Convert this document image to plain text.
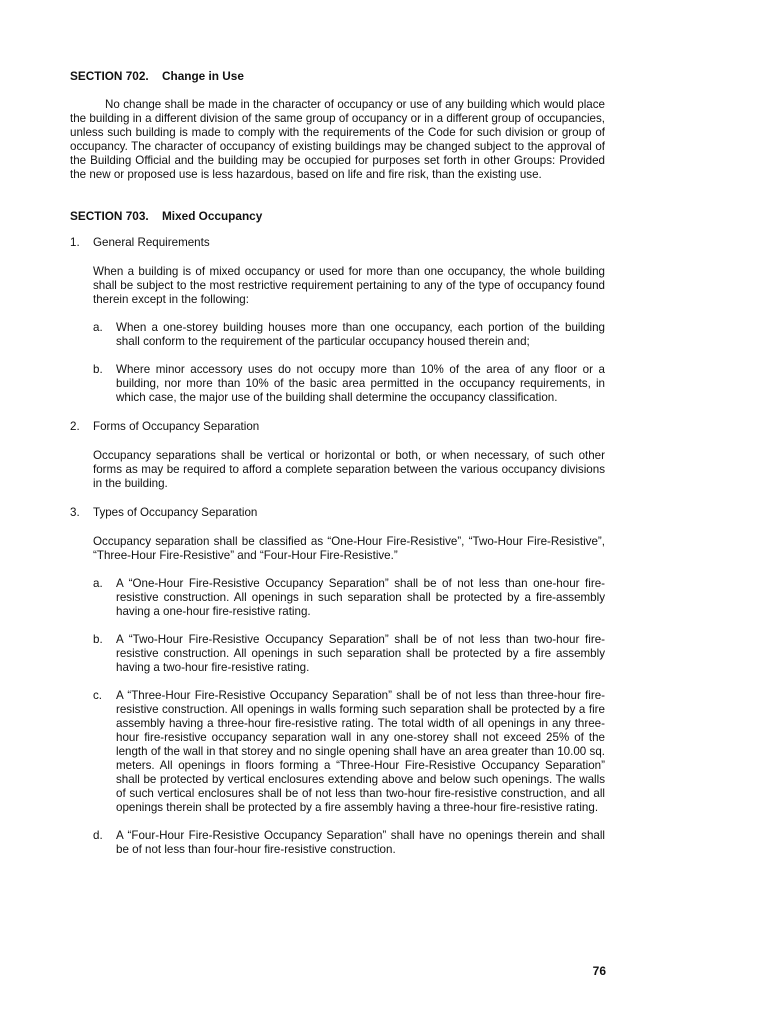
SECTION 702. Change in Use

No change shall be made in the character of occupancy or use of any building which would place the building in a different division of the same group of occupancy or in a different group of occupancies, unless such building is made to comply with the requirements of the Code for such division or group of occupancy. The character of occupancy of existing buildings may be changed subject to the approval of the Building Official and the building may be occupied for purposes set forth in other Groups: Provided the new or proposed use is less hazardous, based on life and fire risk, than the existing use.

SECTION 703. Mixed Occupancy
1.	General Requirements

When a building is of mixed occupancy or used for more than one occupancy, the whole building shall be subject to the most restrictive requirement pertaining to any of the type of occupancy found therein except in the following:

a.	When a one-storey building houses more than one occupancy, each portion of the building shall conform to the requirement of the particular occupancy housed therein and;
b.	Where minor accessory uses do not occupy more than 10% of the area of any floor or a building, nor more than 10% of the basic area permitted in the occupancy requirements, in which case, the major use of the building shall determine the occupancy classification.
2.	Forms of Occupancy Separation

Occupancy separations shall be vertical or horizontal or both, or when necessary, of such other forms as may be required to afford a complete separation between the various occupancy divisions in the building.

3.	Types of Occupancy Separation

Occupancy separation shall be classified as “One-Hour Fire-Resistive”, “Two-Hour Fire-Resistive”, “Three-Hour Fire-Resistive” and “Four-Hour Fire-Resistive.”

a.	A “One-Hour Fire-Resistive Occupancy Separation” shall be of not less than one-hour fire-resistive construction. All openings in such separation shall be protected by a fire-assembly having a one-hour fire-resistive rating.
b.	A “Two-Hour Fire-Resistive Occupancy Separation” shall be of not less than two-hour fire-resistive construction. All openings in such separation shall be protected by a fire assembly having a two-hour fire-resistive rating.
c.	A “Three-Hour Fire-Resistive Occupancy Separation” shall be of not less than three-hour fire-resistive construction. All openings in walls forming such separation shall be protected by a fire assembly having a three-hour fire-resistive rating. The total width of all openings in any three-hour fire-resistive occupancy separation wall in any one-storey shall not exceed 25% of the length of the wall in that storey and no single opening shall have an area greater than 10.00 sq. meters. All openings in floors forming a “Three-Hour Fire-Resistive Occupancy Separation” shall be protected by vertical enclosures extending above and below such openings. The walls of such vertical enclosures shall be of not less than two-hour fire-resistive construction, and all openings therein shall be protected by a fire assembly having a three-hour fire-resistive rating.
d.	A “Four-Hour Fire-Resistive Occupancy Separation” shall have no openings therein and shall be of not less than four-hour fire-resistive construction.
76
